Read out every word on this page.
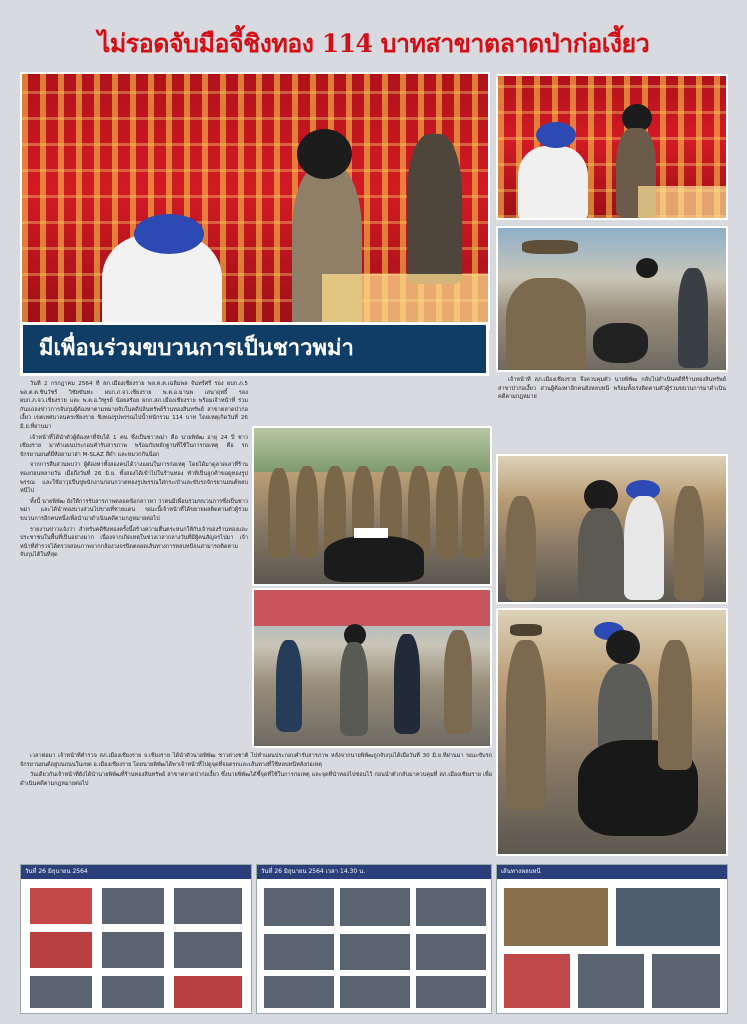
ไม่รอดจับมือจี้ชิงทอง 114 บาทสาขาตลาดป่าก่อเงี้ยว
มีเพื่อนร่วมขบวนการเป็นชาวพม่า

เจ้าหน้าที่ สภ.เมืองเชียงราย จึงควบคุมตัว นายพิพัฒ กลับไปดำเนินคดีที่ร้านทองสินทรัพย์ สาขาป่าก่อเงี้ยว ส่วนผู้ต้องหาอีกคนยังหลบหนี พร้อมทั้งเร่งติดตามตัวผู้ร่วมขบวนการมาดำเนินคดีตามกฎหมาย

วันที่ 2 กรกฎาคม 2564 ที่ สภ.เมืองเชียงราย พล.ต.ต.เฉลิมพล จันทร์ศรี รอง ผบก.ภ.5 พล.ต.ต.ชินวัชร์ วิชัยขันทะ ผบก.ภ.จว.เชียงราย พ.ต.อ.มานพ เสนาฤทธิ์ รอง ผบก.ภ.จว.เชียงราย และ พ.ต.อ.วิฑูรย์ น้อยสร้อย ผกก.สภ.เมืองเชียงราย พร้อมเจ้าหน้าที่ ร่วมกันแถลงข่าวการจับกุมผู้ต้องหาตามหมายจับในคดีปล้นทรัพย์ร้านทองสินทรัพย์ สาขาตลาดป่าก่อเงี้ยว เขตเทศบาลนครเชียงราย ชิงทองรูปพรรณไปน้ำหนักรวม 114 บาท โดยเหตุเกิดวันที่ 26 มิ.ย.ที่ผ่านมา

เจ้าหน้าที่ได้นำตัวผู้ต้องหาที่จับได้ 1 คน ซึ่งเป็นชาวพม่า คือ นายพิพัฒ อายุ 24 ปี ชาวเชียงราย มาทำแผนประกอบคำรับสารภาพ พร้อมกับหลักฐานที่ใช้ในการก่อเหตุ คือ รถจักรยานยนต์ยี่ห้อยามาฮ่า M-SLAZ สีดำ และหมวกกันน็อก

จากการสืบสวนพบว่า ผู้ต้องหาทั้งสองคนได้วางแผนในการก่อเหตุ โดยได้มาดูลาดเลาที่ร้านทองก่อนหลายวัน เมื่อถึงวันที่ 26 มิ.ย. ทั้งสองได้เข้าไปในร้านทอง ทำทีเป็นลูกค้าขอดูทองรูปพรรณ และใช้อาวุธปืนขู่พนักงานก่อนกวาดทองรูปพรรณใส่กระเป๋าและขับรถจักรยานยนต์หลบหนีไป

ทั้งนี้ นายพิพัฒ ยังให้การรับสารภาพตลอดข้อกล่าวหา ว่าตนมีเพื่อนร่วมขบวนการซึ่งเป็นชาวพม่า และได้นำทองบางส่วนไปขายที่ชายแดน ขณะนี้เจ้าหน้าที่ได้ขยายผลติดตามตัวผู้ร่วมขบวนการอีกคนหนึ่งเพื่อนำมาดำเนินคดีตามกฎหมายต่อไป

รายงานข่าวแจ้งว่า สำหรับคดีชิงทองครั้งนี้สร้างความตื่นตระหนกให้กับเจ้าของร้านทองและประชาชนในพื้นที่เป็นอย่างมาก เนื่องจากเกิดเหตุในช่วงเวลากลางวันที่มีผู้คนสัญจรไปมา เจ้าหน้าที่ตำรวจได้ตรวจสอบภาพจากกล้องวงจรปิดตลอดเส้นทางการหลบหนีจนสามารถติดตามจับกุมได้ในที่สุด

เวลาต่อมา เจ้าหน้าที่ตำรวจ สภ.เมืองเชียงราย จ.เชียงราย ได้นำตัวนายพิพัฒ ชาวต่างชาติ ไปทำแผนประกอบคำรับสารภาพ หลังจากนายพิพัฒถูกจับกุมได้เมื่อวันที่ 30 มิ.ย.ที่ผ่านมา ขณะขับรถจักรยานยนต์อยู่บนถนนในเขต อ.เมืองเชียงราย โดยนายพิพัฒได้พาเจ้าหน้าที่ไปดูจุดที่จอดรถและเส้นทางที่ใช้หลบหนีหลังก่อเหตุ

วันเดียวกันเจ้าหน้าที่ยังได้นำนายพิพัฒที่ร้านทองสินทรัพย์ สาขาตลาดป่าก่อเงี้ยว ซึ่งนายพิพัฒได้ชี้จุดที่ใช้ในการก่อเหตุ และจุดที่นำทองไปซ่อนไว้ ก่อนนำตัวกลับมาควบคุมที่ สภ.เมืองเชียงราย เพื่อดำเนินคดีตามกฎหมายต่อไป

วันที่ 26 มิถุนายน 2564	วันที่ 26 มิถุนายน 2564 เวลา 14.30 น.	เส้นทางหลบหนี
